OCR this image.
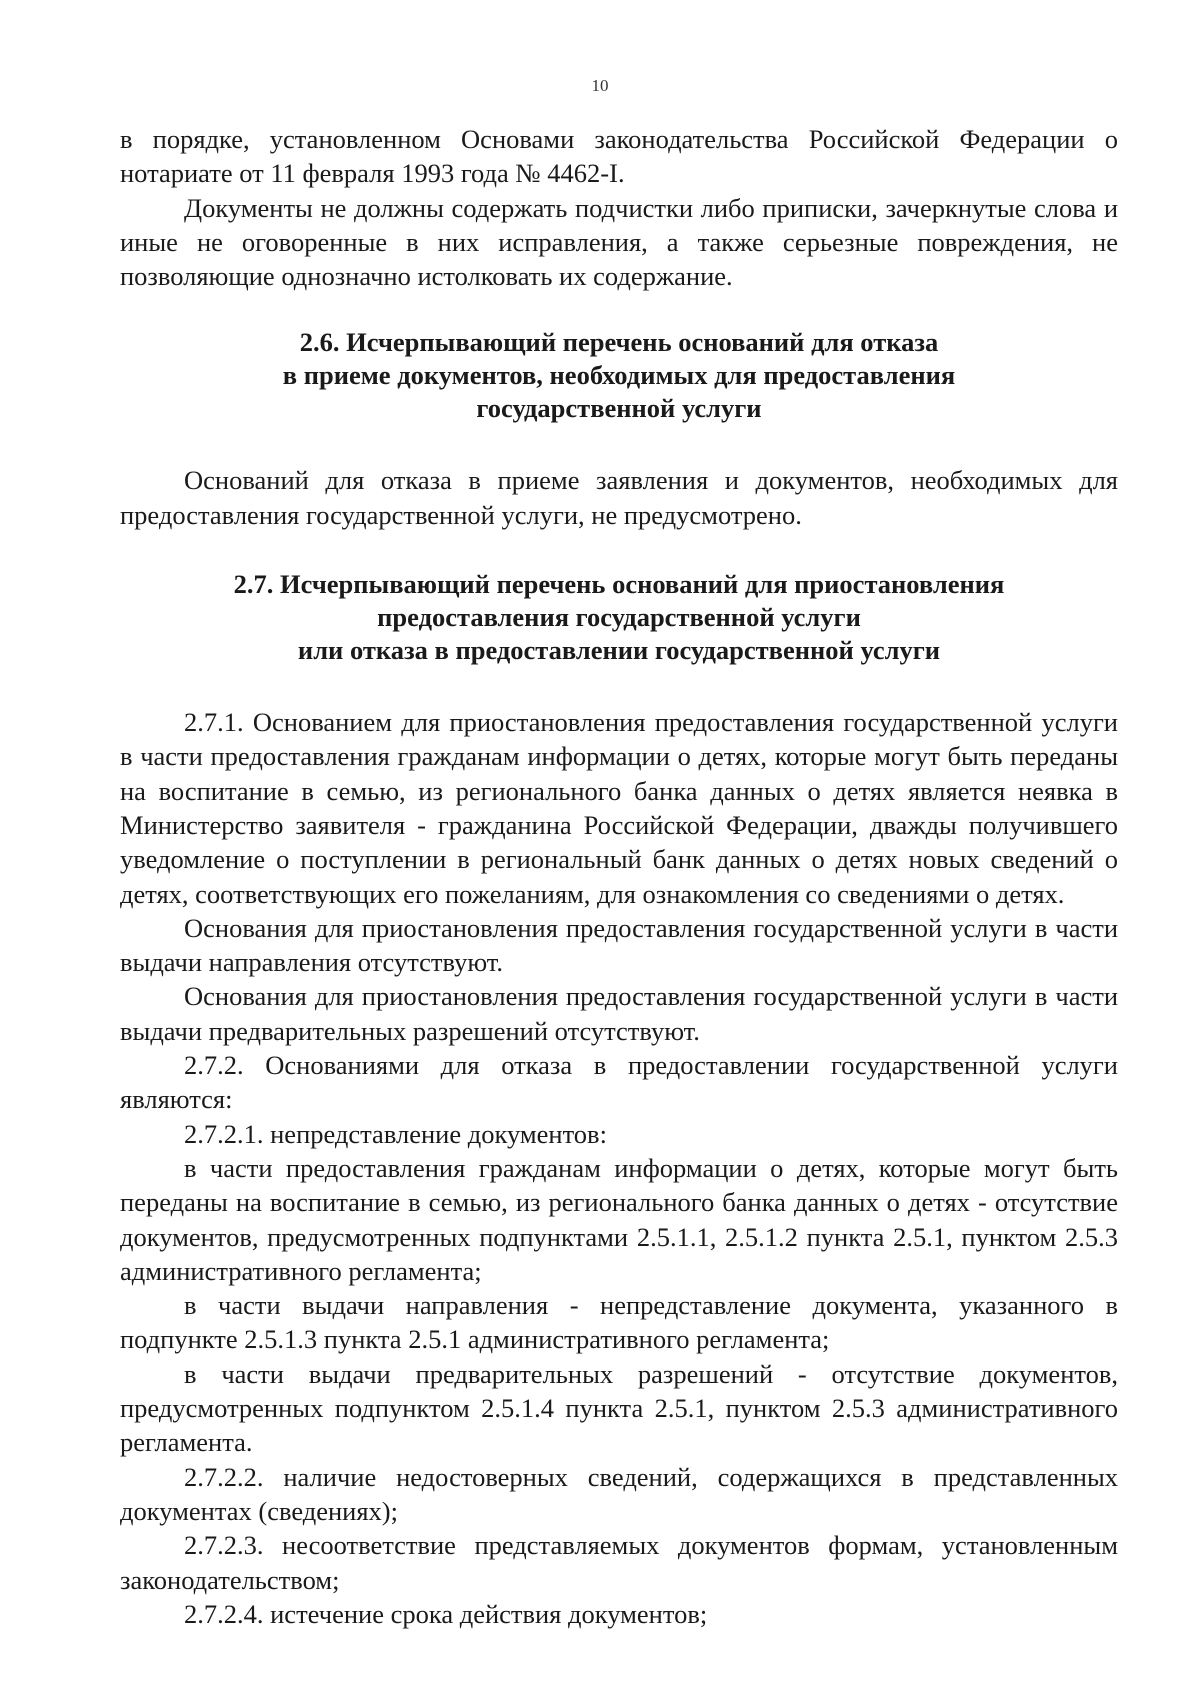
10

в порядке, установленном Основами законодательства Российской Федерации о нотариате от 11 февраля 1993 года № 4462-I.

Документы не должны содержать подчистки либо приписки, зачеркнутые слова и иные не оговоренные в них исправления, а также серьезные повреждения, не позволяющие однозначно истолковать их содержание.

2.6. Исчерпывающий перечень оснований для отказа

в приеме документов, необходимых для предоставления

государственной услуги

Оснований для отказа в приеме заявления и документов, необходимых для предоставления государственной услуги, не предусмотрено.

2.7. Исчерпывающий перечень оснований для приостановления

предоставления государственной услуги

или отказа в предоставлении государственной услуги

2.7.1. Основанием для приостановления предоставления государственной услуги в части предоставления гражданам информации о детях, которые могут быть переданы на воспитание в семью, из регионального банка данных о детях является неявка в Министерство заявителя - гражданина Российской Федерации, дважды получившего уведомление о поступлении в региональный банк данных о детях новых сведений о детях, соответствующих его пожеланиям, для ознакомления со сведениями о детях.

Основания для приостановления предоставления государственной услуги в части выдачи направления отсутствуют.

Основания для приостановления предоставления государственной услуги в части выдачи предварительных разрешений отсутствуют.

2.7.2. Основаниями для отказа в предоставлении государственной услуги являются:

2.7.2.1. непредставление документов:

в части предоставления гражданам информации о детях, которые могут быть переданы на воспитание в семью, из регионального банка данных о детях - отсутствие документов, предусмотренных подпунктами 2.5.1.1, 2.5.1.2 пункта 2.5.1, пунктом 2.5.3 административного регламента;

в части выдачи направления - непредставление документа, указанного в подпункте 2.5.1.3 пункта 2.5.1 административного регламента;

в части выдачи предварительных разрешений - отсутствие документов, предусмотренных подпунктом 2.5.1.4 пункта 2.5.1, пунктом 2.5.3 административного регламента.

2.7.2.2. наличие недостоверных сведений, содержащихся в представленных документах (сведениях);

2.7.2.3. несоответствие представляемых документов формам, установленным законодательством;

2.7.2.4. истечение срока действия документов;
